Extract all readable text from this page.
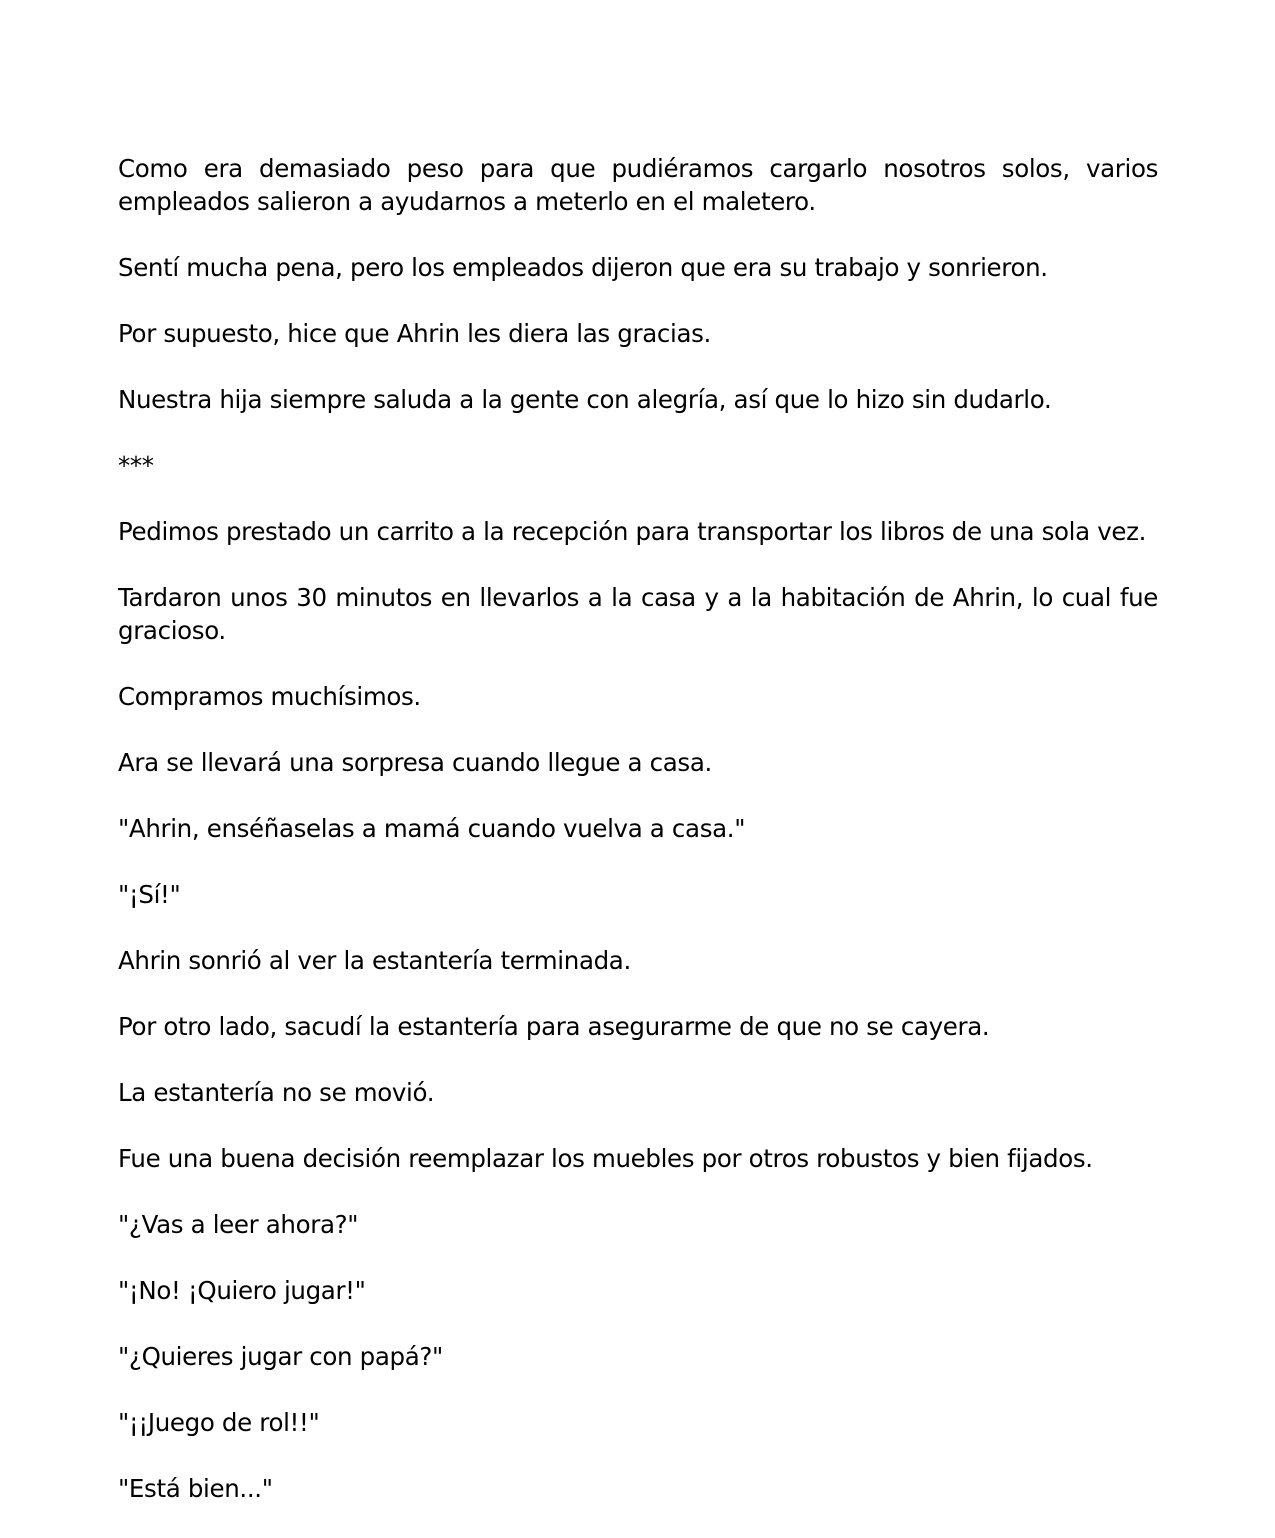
Como era demasiado peso para que pudiéramos cargarlo nosotros solos, varios empleados salieron a ayudarnos a meterlo en el maletero.

Sentí mucha pena, pero los empleados dijeron que era su trabajo y sonrieron.

Por supuesto, hice que Ahrin les diera las gracias.

Nuestra hija siempre saluda a la gente con alegría, así que lo hizo sin dudarlo.

***

Pedimos prestado un carrito a la recepción para transportar los libros de una sola vez.

Tardaron unos 30 minutos en llevarlos a la casa y a la habitación de Ahrin, lo cual fue gracioso.

Compramos muchísimos.

Ara se llevará una sorpresa cuando llegue a casa.

"Ahrin, enséñaselas a mamá cuando vuelva a casa."

"¡Sí!"

Ahrin sonrió al ver la estantería terminada.

Por otro lado, sacudí la estantería para asegurarme de que no se cayera.

La estantería no se movió.

Fue una buena decisión reemplazar los muebles por otros robustos y bien fijados.

"¿Vas a leer ahora?"

"¡No! ¡Quiero jugar!"

"¿Quieres jugar con papá?"

"¡¡Juego de rol!!"

"Está bien..."
